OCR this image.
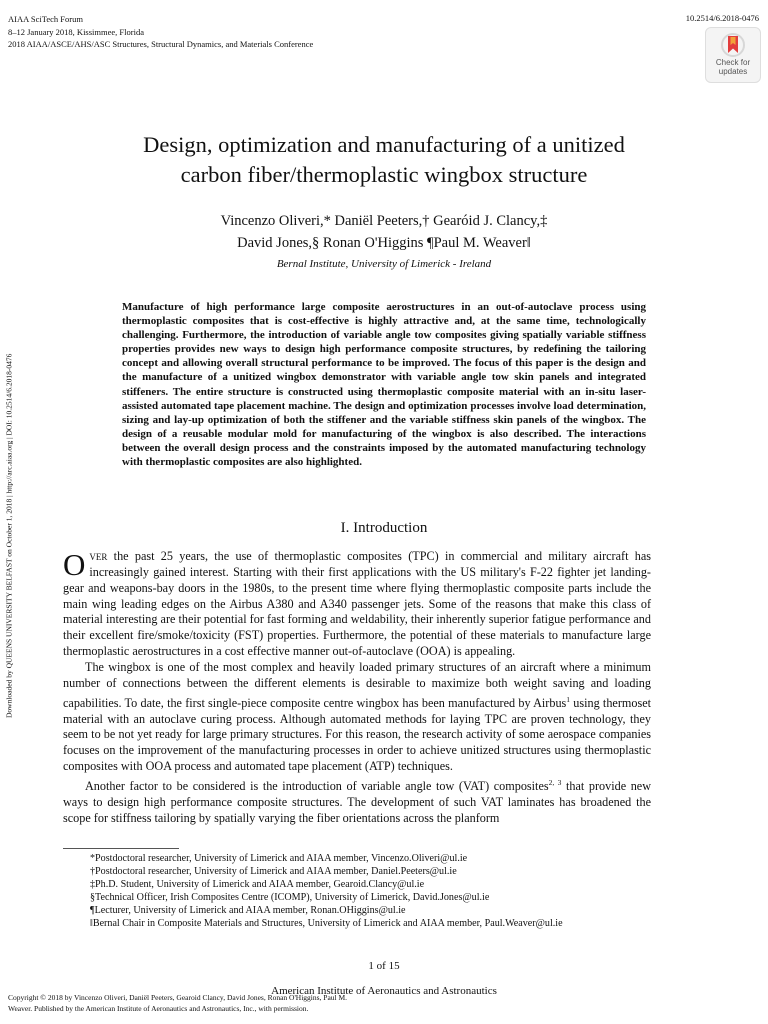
AIAA SciTech Forum
8–12 January 2018, Kissimmee, Florida
2018 AIAA/ASCE/AHS/ASC Structures, Structural Dynamics, and Materials Conference
10.2514/6.2018-0476
Check for
updates
Design, optimization and manufacturing of a unitized
carbon fiber/thermoplastic wingbox structure
Vincenzo Oliveri,* Daniël Peeters,† Gearóid J. Clancy,‡
David Jones,§ Ronan O'Higgins ¶Paul M. Weaver‖
Bernal Institute, University of Limerick - Ireland
Manufacture of high performance large composite aerostructures in an out-of-autoclave process using thermoplastic composites that is cost-effective is highly attractive and, at the same time, technologically challenging. Furthermore, the introduction of variable angle tow composites giving spatially variable stiffness properties provides new ways to design high performance composite structures, by redefining the tailoring concept and allowing overall structural performance to be improved. The focus of this paper is the design and the manufacture of a unitized wingbox demonstrator with variable angle tow skin panels and integrated stiffeners. The entire structure is constructed using thermoplastic composite material with an in-situ laser-assisted automated tape placement machine. The design and optimization processes involve load determination, sizing and lay-up optimization of both the stiffener and the variable stiffness skin panels of the wingbox. The design of a reusable modular mold for manufacturing of the wingbox is also described. The interactions between the overall design process and the constraints imposed by the automated manufacturing technology with thermoplastic composites are also highlighted.
I. Introduction

Over the past 25 years, the use of thermoplastic composites (TPC) in commercial and military aircraft has increasingly gained interest. Starting with their first applications with the US military's F-22 fighter jet landing-gear and weapons-bay doors in the 1980s, to the present time where flying thermoplastic composite parts include the main wing leading edges on the Airbus A380 and A340 passenger jets. Some of the reasons that make this class of material interesting are their potential for fast forming and weldability, their inherently superior fatigue performance and their excellent fire/smoke/toxicity (FST) properties. Furthermore, the potential of these materials to manufacture large thermoplastic aerostructures in a cost effective manner out-of-autoclave (OOA) is appealing.

The wingbox is one of the most complex and heavily loaded primary structures of an aircraft where a minimum number of connections between the different elements is desirable to maximize both weight saving and loading capabilities. To date, the first single-piece composite centre wingbox has been manufactured by Airbus$^1$ using thermoset material with an autoclave curing process. Although automated methods for laying TPC are proven technology, they seem to be not yet ready for large primary structures. For this reason, the research activity of some aerospace companies focuses on the improvement of the manufacturing processes in order to achieve unitized structures using thermoplastic composites with OOA process and automated tape placement (ATP) techniques.

Another factor to be considered is the introduction of variable angle tow (VAT) composites$^{2, 3}$ that provide new ways to design high performance composite structures. The development of such VAT laminates has broadened the scope for stiffness tailoring by spatially varying the fiber orientations across the planform

*Postdoctoral researcher, University of Limerick and AIAA member, Vincenzo.Oliveri@ul.ie
†Postdoctoral researcher, University of Limerick and AIAA member, Daniel.Peeters@ul.ie
‡Ph.D. Student, University of Limerick and AIAA member, Gearoid.Clancy@ul.ie
§Technical Officer, Irish Composites Centre (ICOMP), University of Limerick, David.Jones@ul.ie
¶Lecturer, University of Limerick and AIAA member, Ronan.OHiggins@ul.ie
‖Bernal Chair in Composite Materials and Structures, University of Limerick and AIAA member, Paul.Weaver@ul.ie
1 of 15
American Institute of Aeronautics and Astronautics
Copyright © 2018 by Vincenzo Oliveri, Daniël Peeters, Gearoid Clancy, David Jones, Ronan O'Higgins, Paul M.
Weaver. Published by the American Institute of Aeronautics and Astronautics, Inc., with permission.
Downloaded by QUEENS UNIVERSITY BELFAST on October 1, 2018 | http://arc.aiaa.org | DOI: 10.2514/6.2018-0476
